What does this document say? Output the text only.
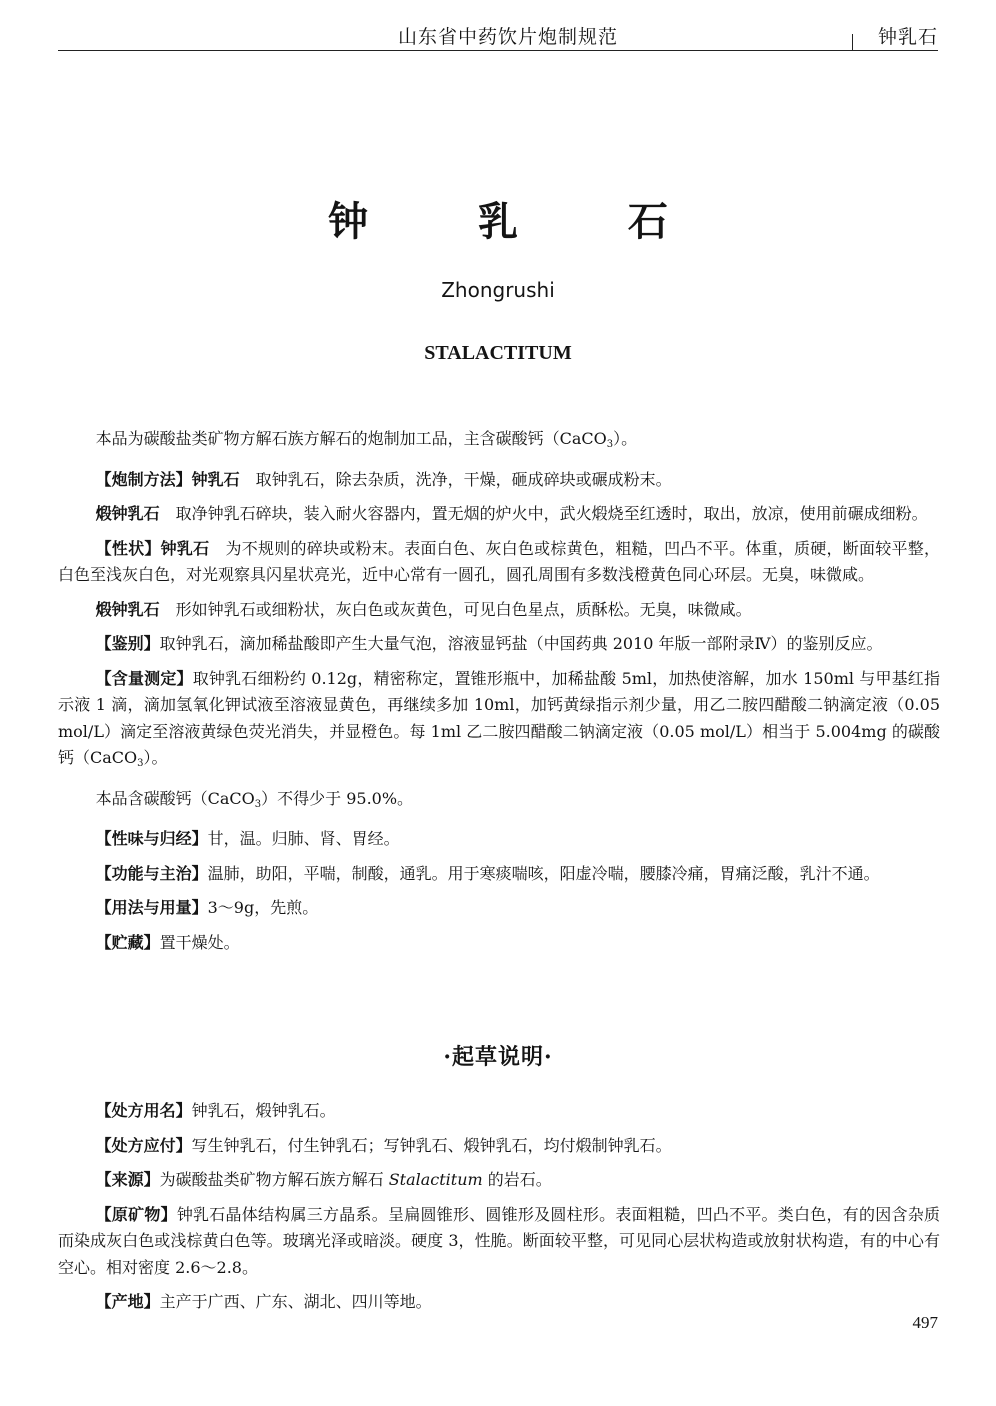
山东省中药饮片炮制规范	钟乳石
钟 乳 石
Zhongrushi
STALACTITUM

本品为碳酸盐类矿物方解石族方解石的炮制加工品，主含碳酸钙（CaCO$_3$）。

【炮制方法】钟乳石　取钟乳石，除去杂质，洗净，干燥，砸成碎块或碾成粉末。

煅钟乳石　取净钟乳石碎块，装入耐火容器内，置无烟的炉火中，武火煅烧至红透时，取出，放凉，使用前碾成细粉。

【性状】钟乳石　为不规则的碎块或粉末。表面白色、灰白色或棕黄色，粗糙，凹凸不平。体重，质硬，断面较平整，白色至浅灰白色，对光观察具闪星状亮光，近中心常有一圆孔，圆孔周围有多数浅橙黄色同心环层。无臭，味微咸。

煅钟乳石　形如钟乳石或细粉状，灰白色或灰黄色，可见白色星点，质酥松。无臭，味微咸。

【鉴别】取钟乳石，滴加稀盐酸即产生大量气泡，溶液显钙盐（中国药典 2010 年版一部附录Ⅳ）的鉴别反应。

【含量测定】取钟乳石细粉约 0.12g，精密称定，置锥形瓶中，加稀盐酸 5ml，加热使溶解，加水 150ml 与甲基红指示液 1 滴，滴加氢氧化钾试液至溶液显黄色，再继续多加 10ml，加钙黄绿指示剂少量，用乙二胺四醋酸二钠滴定液（0.05 mol/L）滴定至溶液黄绿色荧光消失，并显橙色。每 1ml 乙二胺四醋酸二钠滴定液（0.05 mol/L）相当于 5.004mg 的碳酸钙（CaCO$_3$）。

本品含碳酸钙（CaCO$_3$）不得少于 95.0%。

【性味与归经】甘，温。归肺、肾、胃经。

【功能与主治】温肺，助阳，平喘，制酸，通乳。用于寒痰喘咳，阳虚冷喘，腰膝冷痛，胃痛泛酸，乳汁不通。

【用法与用量】3～9g，先煎。

【贮藏】置干燥处。

·起草说明·

【处方用名】钟乳石，煅钟乳石。

【处方应付】写生钟乳石，付生钟乳石；写钟乳石、煅钟乳石，均付煅制钟乳石。

【来源】为碳酸盐类矿物方解石族方解石 Stalactitum 的岩石。

【原矿物】钟乳石晶体结构属三方晶系。呈扁圆锥形、圆锥形及圆柱形。表面粗糙，凹凸不平。类白色，有的因含杂质而染成灰白色或浅棕黄白色等。玻璃光泽或暗淡。硬度 3，性脆。断面较平整，可见同心层状构造或放射状构造，有的中心有空心。相对密度 2.6～2.8。

【产地】主产于广西、广东、湖北、四川等地。

497
